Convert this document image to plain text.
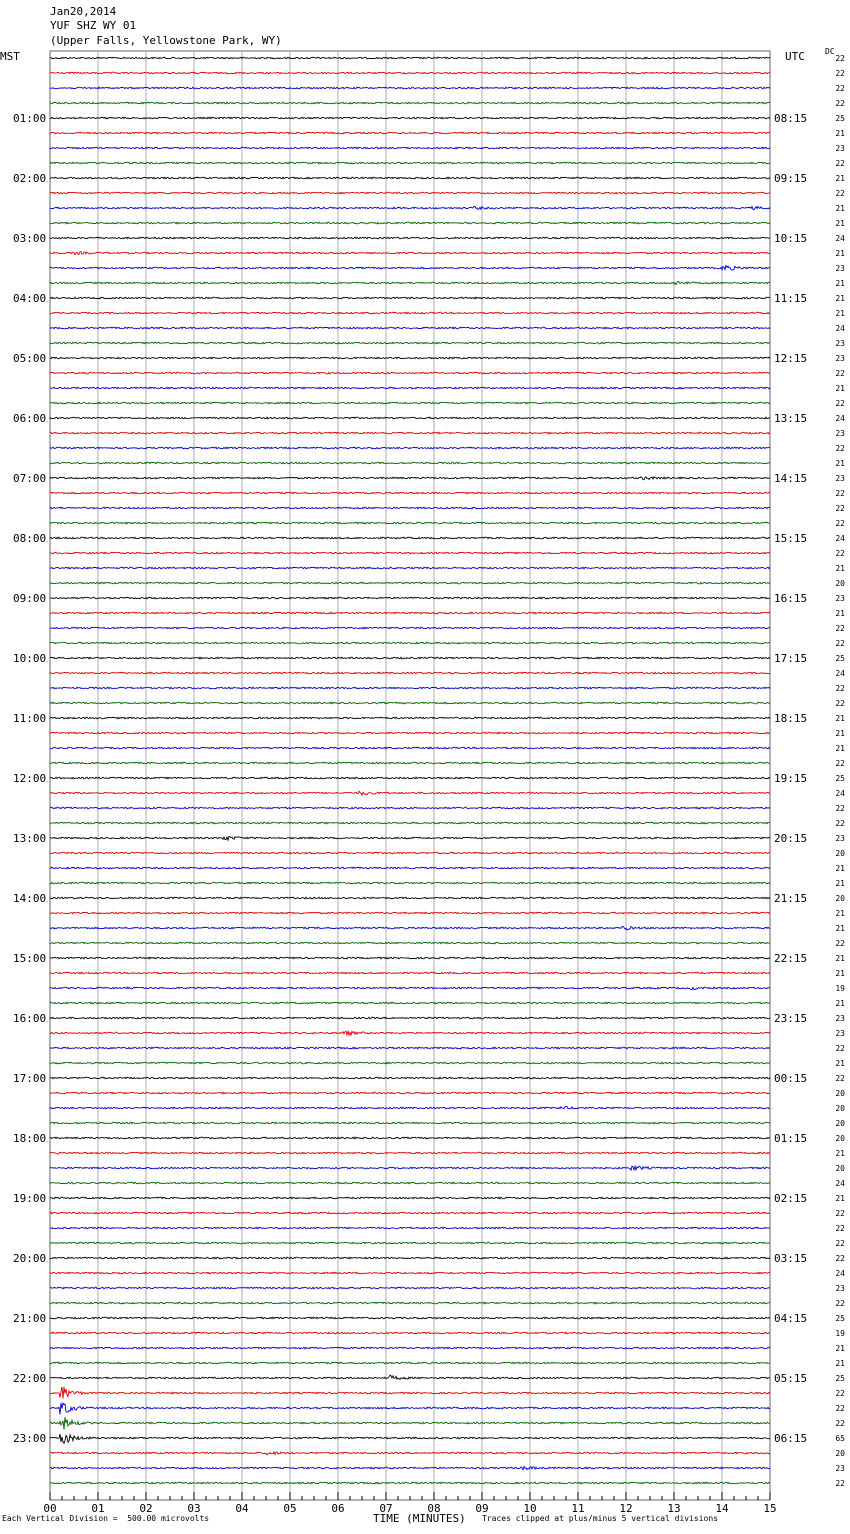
Jan20,2014
YUF SHZ WY 01
(Upper Falls, Yellowstone Park, WY)
MST	UTC	DC
22
22
22
22
25
21
23
22
21
22
21
21
24
21
23
21
21
21
24
23
23
22
21
22
24
23
22
21
23
22
22
22
24
22
21
20
23
21
22
22
25
24
22
22
21
21
21
22
25
24
22
22
23
20
21
21
20
21
21
22
21
21
19
21
23
23
22
21
22
20
20
20
20
21
20
24
21
22
22
22
22
24
23
22
25
19
21
21
25
22
22
22
65
20
23
22
01:00	08:15
02:00	09:15
03:00	10:15
04:00	11:15
05:00	12:15
06:00	13:15
07:00	14:15
08:00	15:15
09:00	16:15
10:00	17:15
11:00	18:15
12:00	19:15
13:00	20:15
14:00	21:15
15:00	22:15
16:00	23:15
17:00	00:15
18:00	01:15
19:00	02:15
20:00	03:15
21:00	04:15
22:00	05:15
23:00	06:15
00	01	02	03	04	05	06	07	08	09	10	11	12	13	14	15
Each Vertical Division =  500.00 microvolts	TIME (MINUTES) Traces clipped at plus/minus 5 vertical divisions
